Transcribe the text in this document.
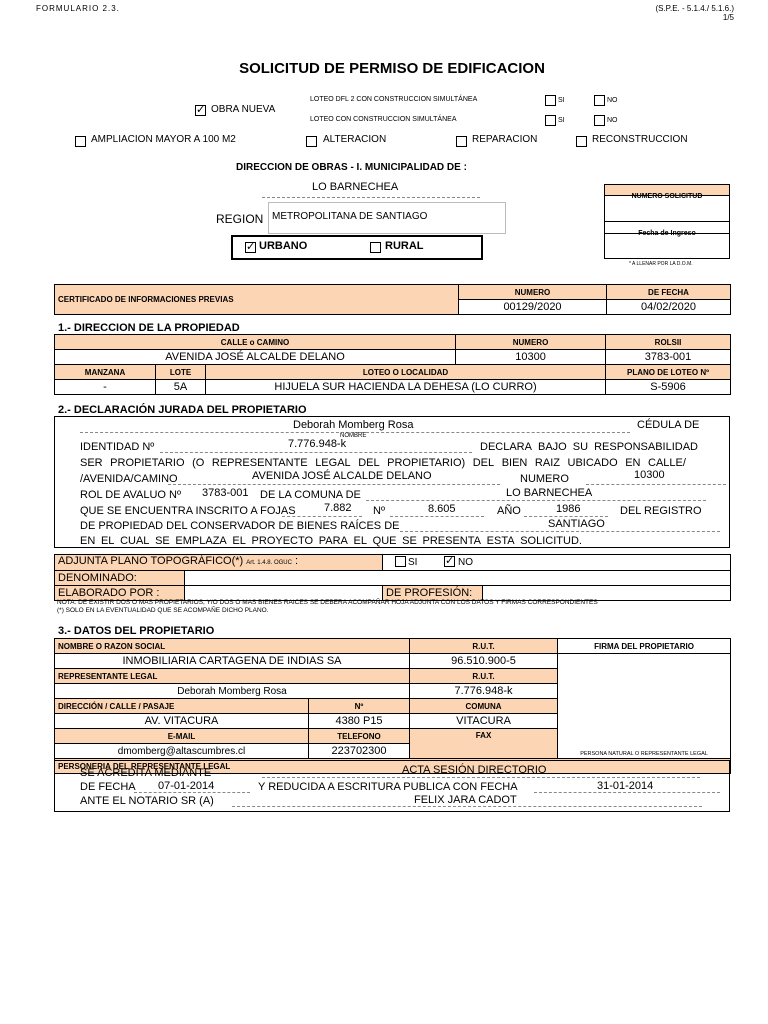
FORMULARIO 2.3.	(S.P.E. - 5.1.4./ 5.1.6.)
1/5
SOLICITUD DE PERMISO DE EDIFICACION
✓ OBRA NUEVA
LOTEO DFL 2 CON CONSTRUCCION SIMULTÁNEA	SI	NO
LOTEO CON CONSTRUCCION SIMULTÁNEA	SI	NO
AMPLIACION MAYOR A 100 M2	ALTERACION	REPARACION	RECONSTRUCCION
DIRECCION DE OBRAS - I. MUNICIPALIDAD DE :
LO BARNECHEA
REGION METROPOLITANA DE SANTIAGO
✓ URBANO	RURAL
NUMERO SOLICITUD
Fecha de Ingreso
* A LLENAR POR LA D.O.M.
CERTIFICADO DE INFORMACIONES PREVIAS	NUMERO	DE FECHA
	00129/2020	04/02/2020
1.- DIRECCION DE LA PROPIEDAD
CALLE o CAMINO			NUMERO	ROLSII
AVENIDA JOSÉ ALCALDE DELANO			10300	3783-001
MANZANA	LOTE	LOTEO O LOCALIDAD		PLANO DE LOTEO Nº
-	5A	HIJUELA SUR HACIENDA LA DEHESA (LO CURRO)		S-5906
2.- DECLARACIÓN JURADA DEL PROPIETARIO
Deborah Momberg Rosa	CÉDULA DE
NOMBRE
IDENTIDAD Nº	7.776.948-k	DECLARA BAJO SU RESPONSABILIDAD
SER PROPIETARIO (O REPRESENTANTE LEGAL DEL PROPIETARIO) DEL BIEN RAIZ UBICADO EN CALLE/
/AVENIDA/CAMINO	AVENIDA JOSÉ ALCALDE DELANO	NUMERO	10300
ROL DE AVALUO Nº 3783-001 DE LA COMUNA DE	LO BARNECHEA
QUE SE ENCUENTRA INSCRITO A FOJAS	7.882 Nº	8.605	AÑO	1986	DEL REGISTRO
DE PROPIEDAD DEL CONSERVADOR DE BIENES RAÍCES DE	SANTIAGO
EN EL CUAL SE EMPLAZA EL PROYECTO PARA EL QUE SE PRESENTA ESTA SOLICITUD.
ADJUNTA PLANO TOPOGRÁFICO(*) Art. 1.4.8. OGUC :		SI ✓ NO	

DENOMINADO:			
ELABORADO POR :		DE PROFESIÓN:	
NOTA: DE EXISTIR DOS O MAS PROPIETARIOS, Y/O DOS O MAS BIENES RAICES SE DEBERA ACOMPAÑAR HOJA ADJUNTA CON LOS DATOS Y FIRMAS CORRESPONDIENTES
(*) SOLO EN LA EVENTUALIDAD QUE SE ACOMPAÑE DICHO PLANO.
3.- DATOS DEL PROPIETARIO
NOMBRE O RAZON SOCIAL		R.U.T.	FIRMA DEL PROPIETARIO
INMOBILIARIA CARTAGENA DE INDIAS SA		96.510.900-5	PERSONA NATURAL O REPRESENTANTE LEGAL

REPRESENTANTE LEGAL		R.U.T.	
Deborah Momberg Rosa		7.776.948-k	
DIRECCIÓN / CALLE / PASAJE	Nº	COMUNA	
AV. VITACURA	4380 P15	VITACURA	
E-MAIL	TELEFONO	FAX	
dmomberg@altascumbres.cl	223702300		
PERSONERIA DEL REPRESENTANTE LEGAL			
SE ACREDITA MEDIANTE	ACTA SESIÓN DIRECTORIO
DE FECHA 07-01-2014	Y REDUCIDA A ESCRITURA PUBLICA CON FECHA	31-01-2014
ANTE EL NOTARIO SR (A)	FELIX JARA CADOT
